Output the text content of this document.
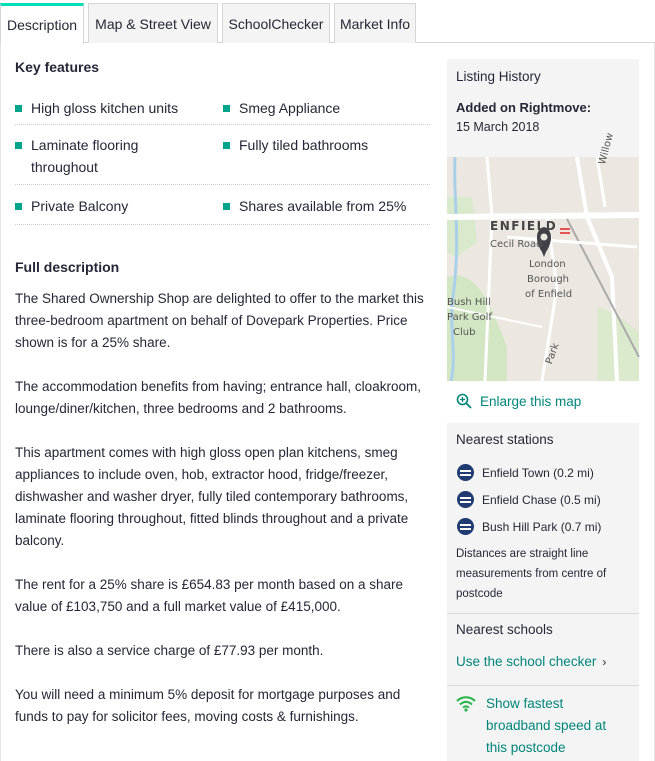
Description Map & Street View SchoolChecker Market Info
Key features
High gloss kitchen units	Smeg Appliance
Laminate flooring throughout
Fully tiled bathrooms
Private Balcony	Shares available from 25%
Full description

The Shared Ownership Shop are delighted to offer to the market this three-bedroom apartment on behalf of Dovepark Properties. Price shown is for a 25% share.

The accommodation benefits from having; entrance hall, cloakroom, lounge/diner/kitchen, three bedrooms and 2 bathrooms.

This apartment comes with high gloss open plan kitchens, smeg appliances to include oven, hob, extractor hood, fridge/freezer, dishwasher and washer dryer, fully tiled contemporary bathrooms, laminate flooring throughout, fitted blinds throughout and a private balcony.

The rent for a 25% share is £654.83 per month based on a share value of £103,750 and a full market value of £415,000.

There is also a service charge of £77.93 per month.

You will need a minimum 5% deposit for mortgage purposes and funds to pay for solicitor fees, moving costs & furnishings.

Listing History
Added on Rightmove:
15 March 2018
ENFIELD
Cecil Road
London
Borough
of Enfield
Bush Hill
Park Golf
Club
Willow
Park
Enlarge this map
Nearest stations
Enfield Town (0.2 mi)
Enfield Chase (0.5 mi)
Bush Hill Park (0.7 mi)
Distances are straight line measurements from centre of postcode
Nearest schools
Use the school checker ›
Show fastest broadband speed at this postcode
